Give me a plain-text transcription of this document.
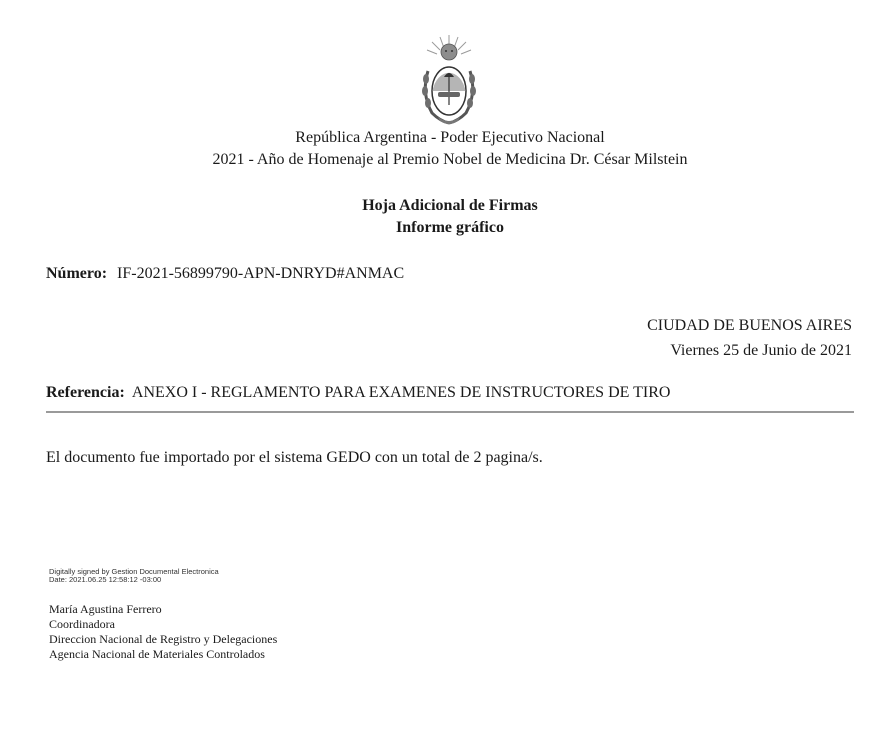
República Argentina - Poder Ejecutivo Nacional
2021 - Año de Homenaje al Premio Nobel de Medicina Dr. César Milstein
Hoja Adicional de Firmas
Informe gráfico
Número: IF-2021-56899790-APN-DNRYD#ANMAC
CIUDAD DE BUENOS AIRES
Viernes 25 de Junio de 2021
Referencia: ANEXO I - REGLAMENTO PARA EXAMENES DE INSTRUCTORES DE TIRO
El documento fue importado por el sistema GEDO con un total de 2 pagina/s.
Digitally signed by Gestion Documental Electronica
Date: 2021.06.25 12:58:12 -03:00
María Agustina Ferrero
Coordinadora
Direccion Nacional de Registro y Delegaciones
Agencia Nacional de Materiales Controlados
